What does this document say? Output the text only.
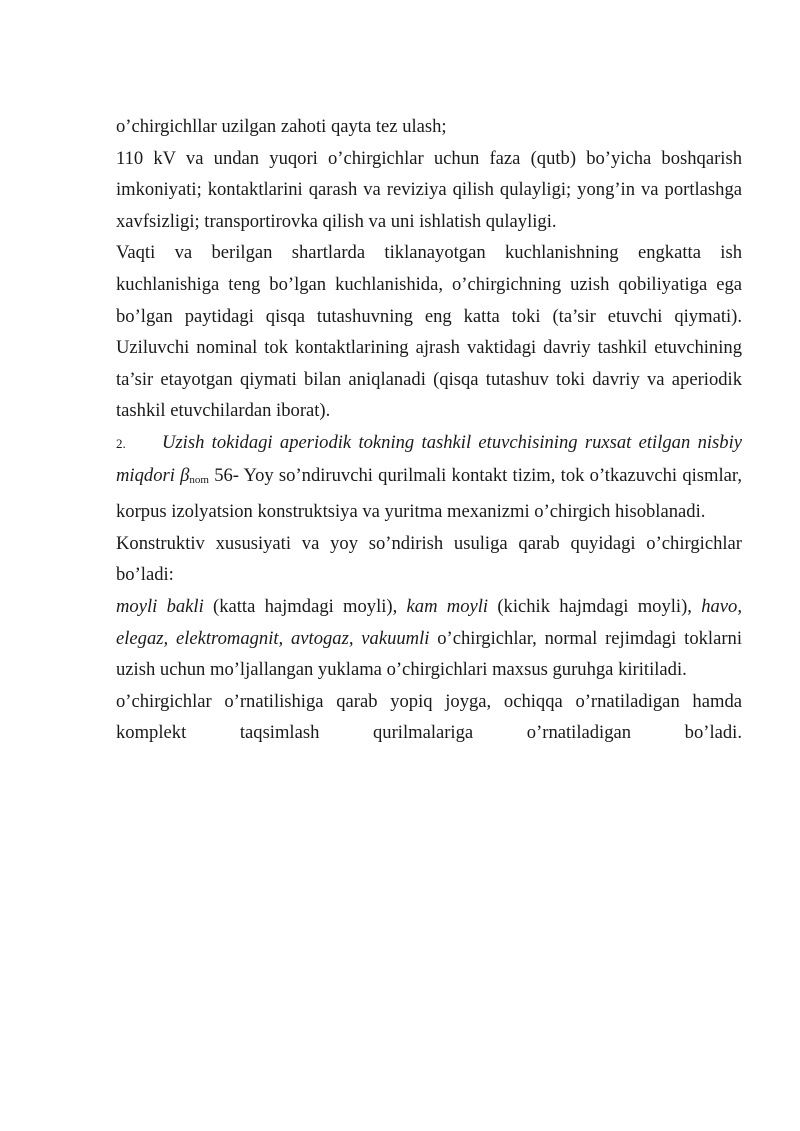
o’chirgichllar uzilgan zahoti qayta tez ulash;

110 kV va undan yuqori o’chirgichlar uchun faza (qutb) bo’yicha boshqarish imkoniyati; kontaktlarini qarash va reviziya qilish qulayligi; yong’in va portlashga xavfsizligi; transportirovka qilish va uni ishlatish qulayligi.

Vaqti va berilgan shartlarda tiklanayotgan kuchlanishning engkatta ish kuchlanishiga teng bo’lgan kuchlanishida, o’chirgichning uzish qobiliyatiga ega bo’lgan paytidagi qisqa tutashuvning eng katta toki (ta’sir etuvchi qiymati). Uziluvchi nominal tok kontaktlarining ajrash vaktidagi davriy tashkil etuvchining ta’sir etayotgan qiymati bilan aniqlanadi (qisqa tutashuv toki davriy va aperiodik tashkil etuvchilardan iborat).

2. Uzish tokidagi aperiodik tokning tashkil etuvchisining ruxsat etilgan nisbiy miqdori βnom 56- Yoy so’ndiruvchi qurilmali kontakt tizim, tok o’tkazuvchi qismlar, korpus izolyatsion konstruktsiya va yuritma mexanizmi o’chirgich hisoblanadi.

Konstruktiv xususiyati va yoy so’ndirish usuliga qarab quyidagi o’chirgichlar bo’ladi:

moyli bakli (katta hajmdagi moyli), kam moyli (kichik hajmdagi moyli), havo, elegaz, elektromagnit, avtogaz, vakuumli o’chirgichlar, normal rejimdagi toklarni uzish uchun mo’ljallangan yuklama o’chirgichlari maxsus guruhga kiritiladi.

o’chirgichlar o’rnatilishiga qarab yopiq joyga, ochiqqa o’rnatiladigan hamda komplekt taqsimlash qurilmalariga o’rnatiladigan bo’ladi.
